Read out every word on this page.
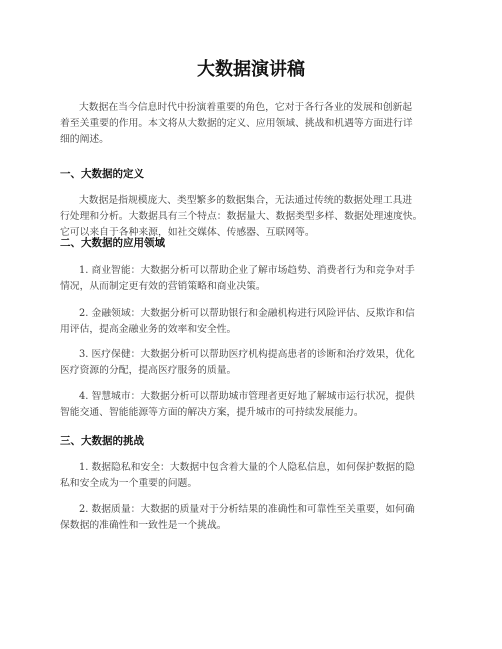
大数据演讲稿

大数据在当今信息时代中扮演着重要的角色，它对于各行各业的发展和创新起
着至关重要的作用。本文将从大数据的定义、应用领域、挑战和机遇等方面进行详
细的阐述。

一、大数据的定义

大数据是指规模庞大、类型繁多的数据集合，无法通过传统的数据处理工具进
行处理和分析。大数据具有三个特点：数据量大、数据类型多样、数据处理速度快。
它可以来自于各种来源，如社交媒体、传感器、互联网等。

二、大数据的应用领域

1. 商业智能：大数据分析可以帮助企业了解市场趋势、消费者行为和竞争对手
情况，从而制定更有效的营销策略和商业决策。

2. 金融领域：大数据分析可以帮助银行和金融机构进行风险评估、反欺诈和信
用评估，提高金融业务的效率和安全性。

3. 医疗保健：大数据分析可以帮助医疗机构提高患者的诊断和治疗效果，优化
医疗资源的分配，提高医疗服务的质量。

4. 智慧城市：大数据分析可以帮助城市管理者更好地了解城市运行状况，提供
智能交通、智能能源等方面的解决方案，提升城市的可持续发展能力。

三、大数据的挑战

1. 数据隐私和安全：大数据中包含着大量的个人隐私信息，如何保护数据的隐
私和安全成为一个重要的问题。

2. 数据质量：大数据的质量对于分析结果的准确性和可靠性至关重要，如何确
保数据的准确性和一致性是一个挑战。
